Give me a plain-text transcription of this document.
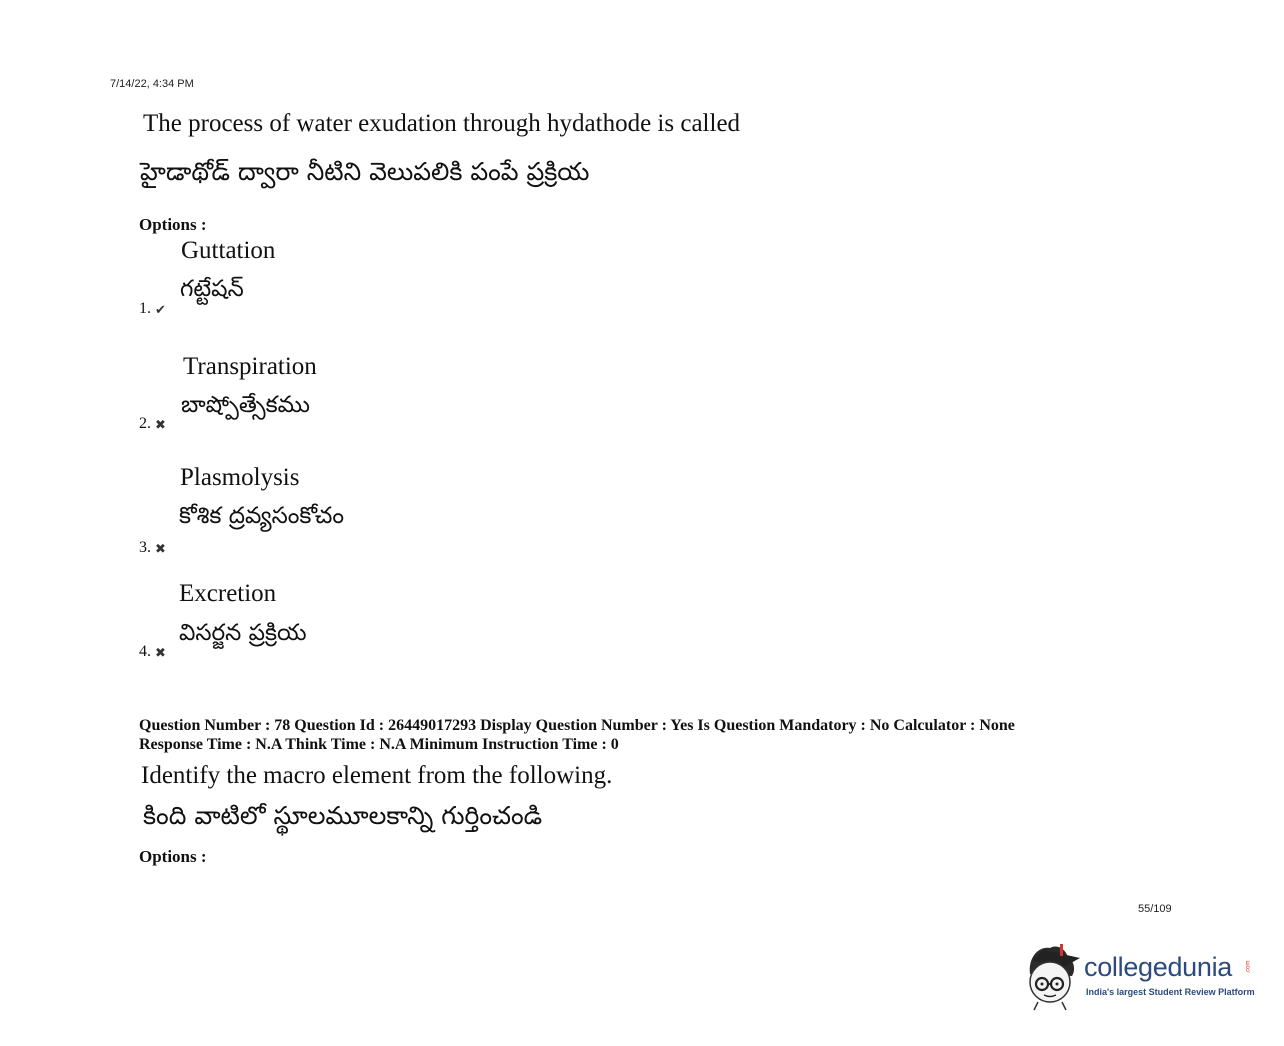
7/14/22, 4:34 PM
The process of water exudation through hydathode is called
హైడాథోడ్ ద్వారా నీటిని వెలుపలికి పంపే ప్రక్రియ
Options :
Guttation
గట్టేషన్
1. ✔
Transpiration
బాష్పోత్సేకము
2. ✖
Plasmolysis
కోశిక ద్రవ్యసంకోచం
3. ✖
Excretion
విసర్జన ప్రక్రియ
4. ✖
Question Number : 78 Question Id : 26449017293 Display Question Number : Yes Is Question Mandatory : No Calculator : None
Response Time : N.A Think Time : N.A Minimum Instruction Time : 0
Identify the macro element from the following.
కింది వాటిలో స్థూలమూలకాన్ని గుర్తించండి
Options :
55/109
collegedunia .com
India's largest Student Review Platform
